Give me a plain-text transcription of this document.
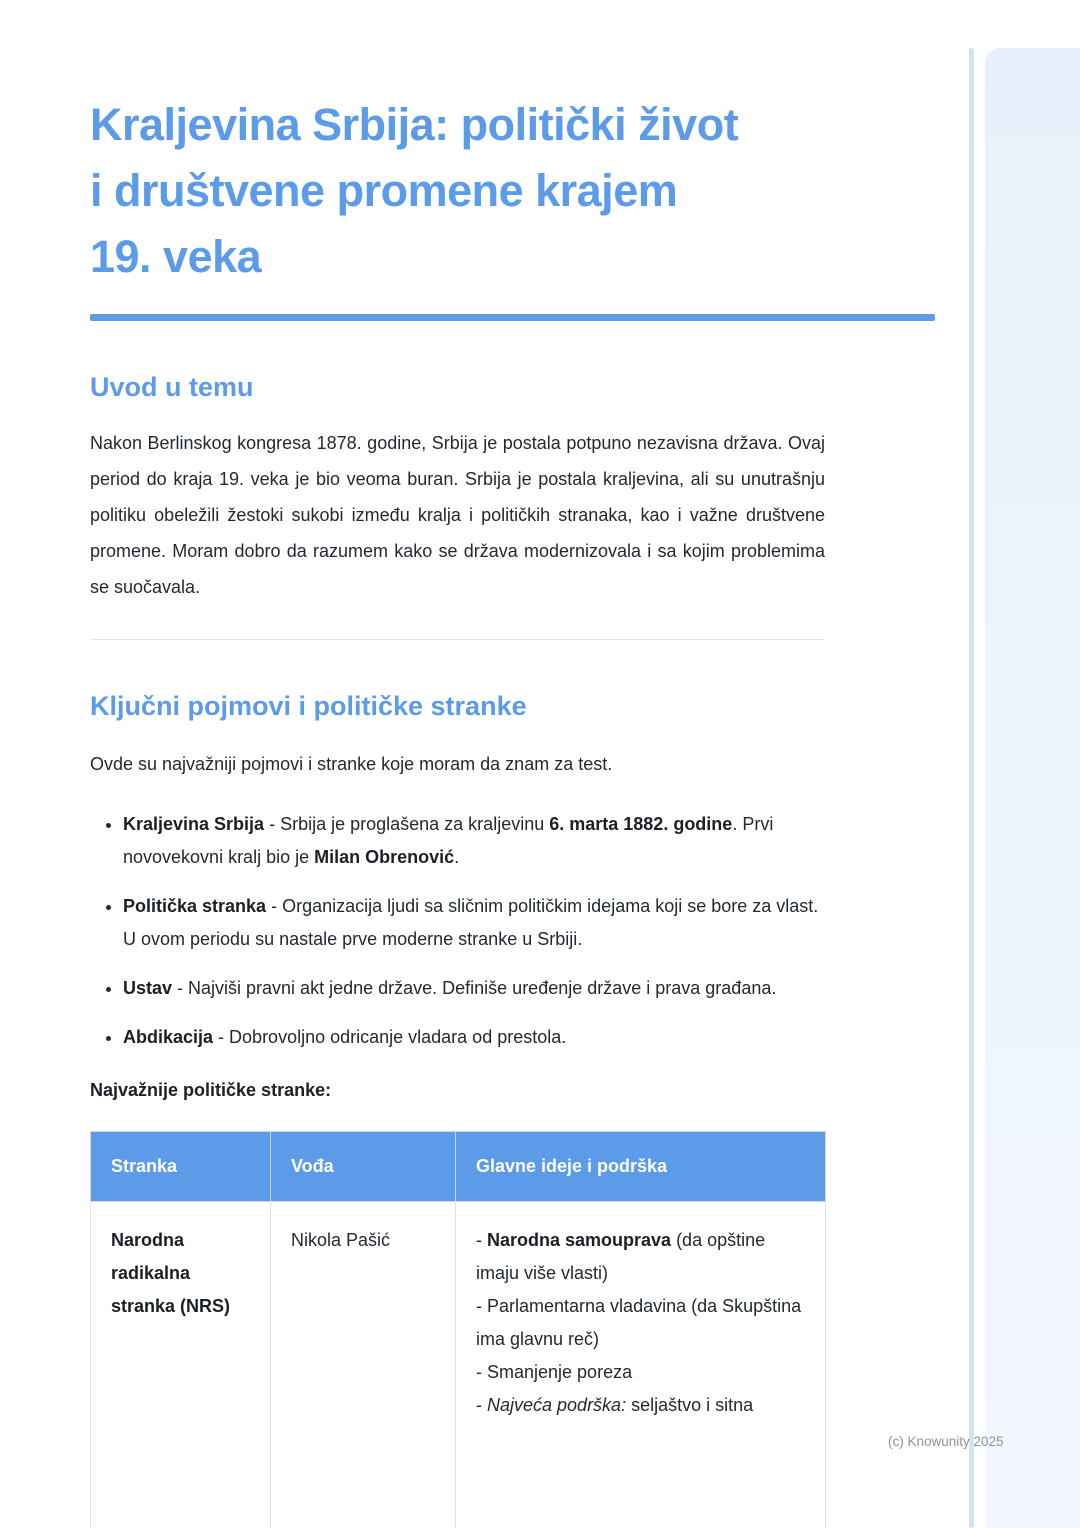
Kraljevina Srbija: politički život
i društvene promene krajem
19. veka
Uvod u temu

Nakon Berlinskog kongresa 1878. godine, Srbija je postala potpuno nezavisna država. Ovaj period do kraja 19. veka je bio veoma buran. Srbija je postala kraljevina, ali su unutrašnju politiku obeležili žestoki sukobi između kralja i političkih stranaka, kao i važne društvene promene. Moram dobro da razumem kako se država modernizovala i sa kojim problemima se suočavala.

Ključni pojmovi i političke stranke

Ovde su najvažniji pojmovi i stranke koje moram da znam za test.

• Kraljevina Srbija - Srbija je proglašena za kraljevinu 6. marta 1882. godine. Prvi novovekovni kralj bio je Milan Obrenović.
• Politička stranka - Organizacija ljudi sa sličnim političkim idejama koji se bore za vlast. U ovom periodu su nastale prve moderne stranke u Srbiji.
• Ustav - Najviši pravni akt jedne države. Definiše uređenje države i prava građana.
• Abdikacija - Dobrovoljno odricanje vladara od prestola.

Najvažnije političke stranke:

Stranka	Vođa	Glavne ideje i podrška
Narodna radikalna stranka (NRS)	Nikola Pašić	- Narodna samouprava (da opštine imaju više vlasti)
- Parlamentarna vladavina (da Skupština ima glavnu reč)
- Smanjenje poreza
- Najveća podrška: seljaštvo i sitna
(c) Knowunity 2025
